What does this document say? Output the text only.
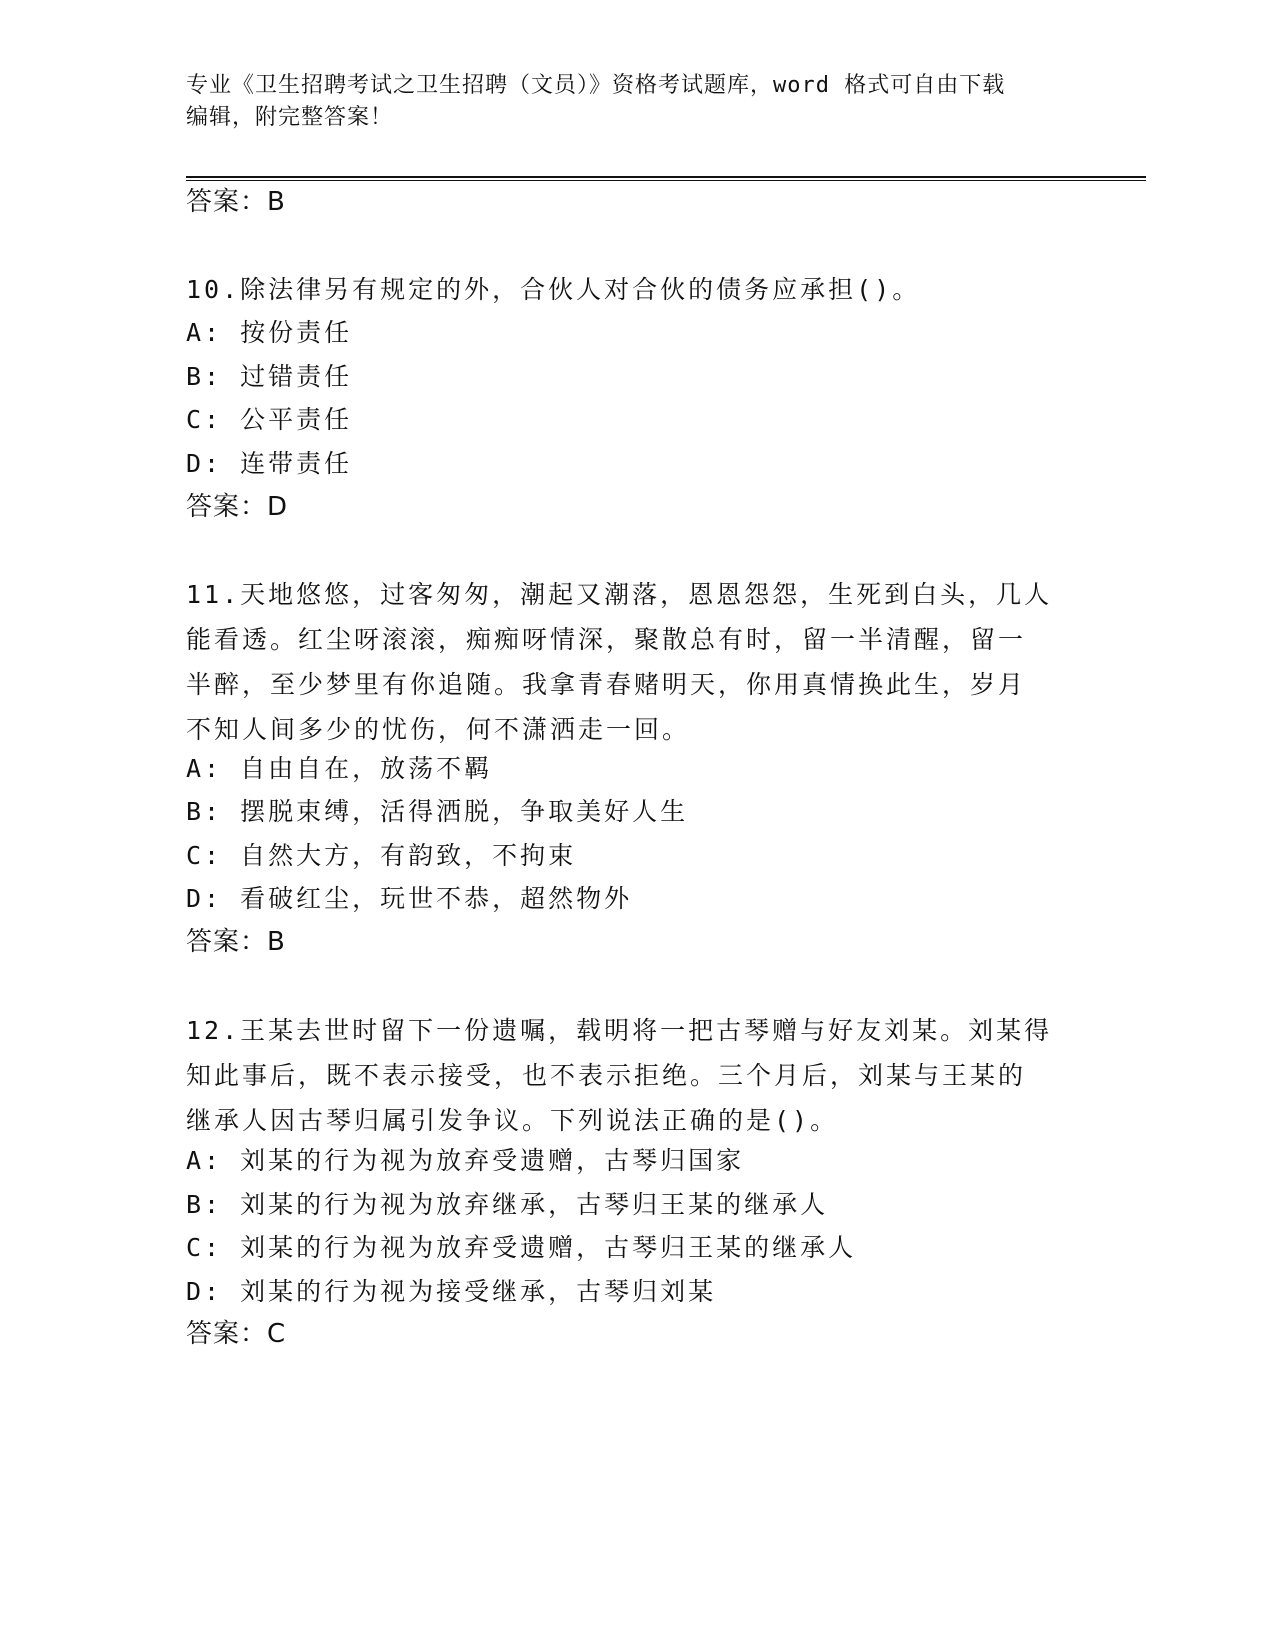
专业《卫生招聘考试之卫生招聘（文员）》资格考试题库，word 格式可自由下载
编辑，附完整答案！
答案：B
10.除法律另有规定的外，合伙人对合伙的债务应承担()。
A: 按份责任
B: 过错责任
C: 公平责任
D: 连带责任
答案：D
11.天地悠悠，过客匆匆，潮起又潮落，恩恩怨怨，生死到白头，几人
能看透。红尘呀滚滚，痴痴呀情深，聚散总有时，留一半清醒，留一
半醉，至少梦里有你追随。我拿青春赌明天，你用真情换此生，岁月
不知人间多少的忧伤，何不潇洒走一回。
A: 自由自在，放荡不羁
B: 摆脱束缚，活得洒脱，争取美好人生
C: 自然大方，有韵致，不拘束
D: 看破红尘，玩世不恭，超然物外
答案：B
12.王某去世时留下一份遗嘱，载明将一把古琴赠与好友刘某。刘某得
知此事后，既不表示接受，也不表示拒绝。三个月后，刘某与王某的
继承人因古琴归属引发争议。下列说法正确的是()。
A: 刘某的行为视为放弃受遗赠，古琴归国家
B: 刘某的行为视为放弃继承，古琴归王某的继承人
C: 刘某的行为视为放弃受遗赠，古琴归王某的继承人
D: 刘某的行为视为接受继承，古琴归刘某
答案：C
